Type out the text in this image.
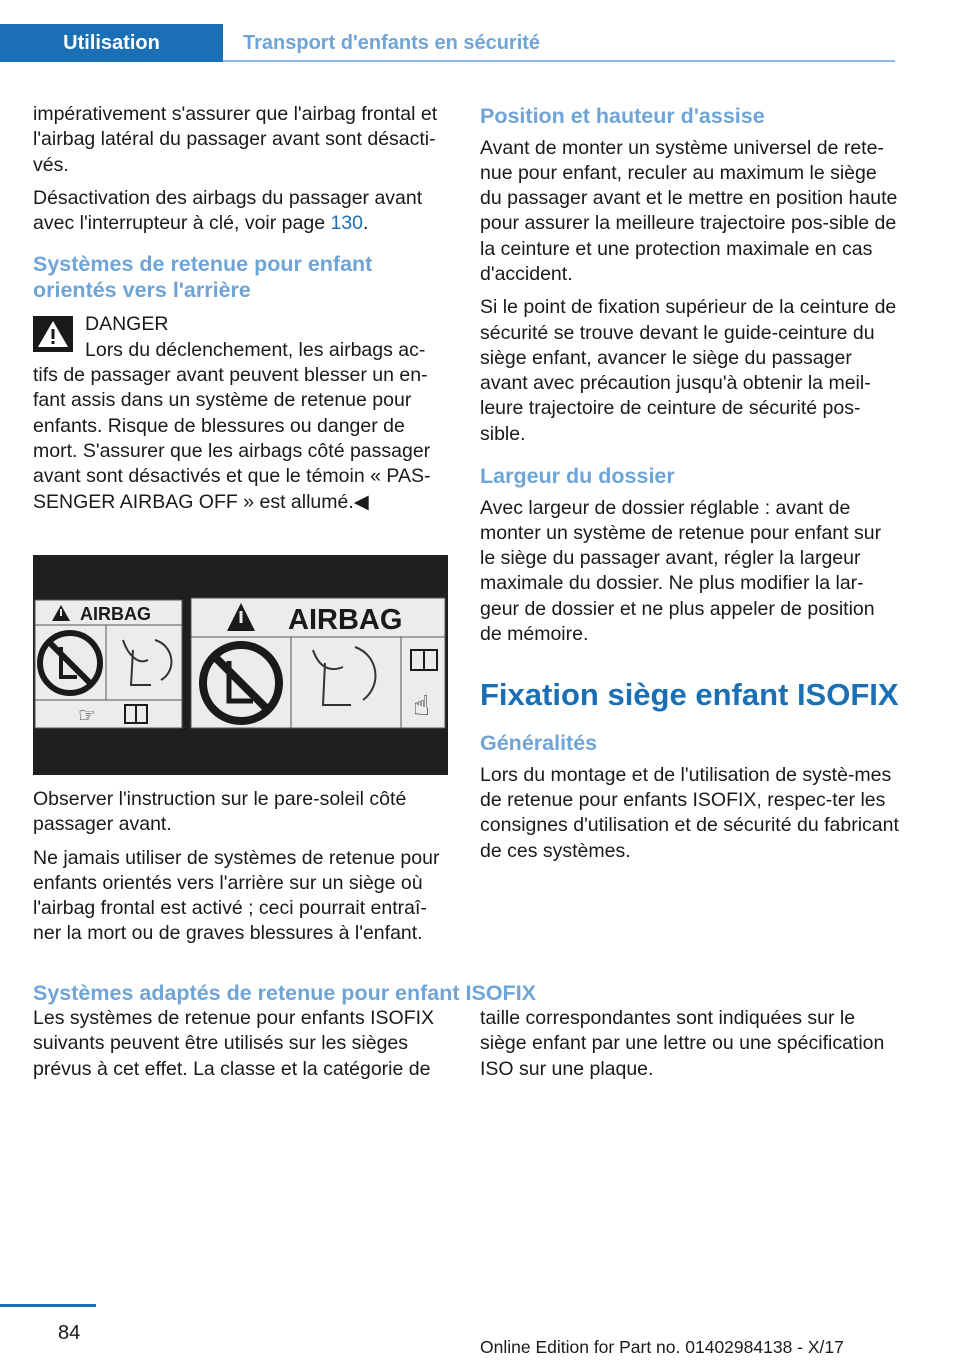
Utilisation	Transport d'enfants en sécurité

impérativement s'assurer que l'airbag frontal et l'airbag latéral du passager avant sont désacti‐vés.

Désactivation des airbags du passager avant avec l'interrupteur à clé, voir page 130.

Systèmes de retenue pour enfant orientés vers l'arrière
DANGER
Lors du déclenchement, les airbags ac‐
tifs de passager avant peuvent blesser un en‐fant assis dans un système de retenue pour enfants. Risque de blessures ou danger de mort. S'assurer que les airbags côté passager avant sont désactivés et que le témoin « PAS‐SENGER AIRBAG OFF » est allumé.◀
AIRBAG
☞
AIRBAG
☝

Observer l'instruction sur le pare-soleil côté passager avant.

Ne jamais utiliser de systèmes de retenue pour enfants orientés vers l'arrière sur un siège où l'airbag frontal est activé ; ceci pourrait entraî‐ner la mort ou de graves blessures à l'enfant.

Position et hauteur d'assise

Avant de monter un système universel de rete‐nue pour enfant, reculer au maximum le siège du passager avant et le mettre en position haute pour assurer la meilleure trajectoire pos‐sible de la ceinture et une protection maximale en cas d'accident.

Si le point de fixation supérieur de la ceinture de sécurité se trouve devant le guide-ceinture du siège enfant, avancer le siège du passager avant avec précaution jusqu'à obtenir la meil‐leure trajectoire de ceinture de sécurité pos‐sible.

Largeur du dossier

Avec largeur de dossier réglable : avant de monter un système de retenue pour enfant sur le siège du passager avant, régler la largeur maximale du dossier. Ne plus modifier la lar‐geur de dossier et ne plus appeler de position de mémoire.

Fixation siège enfant ISOFIX
Généralités

Lors du montage et de l'utilisation de systè‐mes de retenue pour enfants ISOFIX, respec‐ter les consignes d'utilisation et de sécurité du fabricant de ces systèmes.

Systèmes adaptés de retenue pour enfant ISOFIX
Les systèmes de retenue pour enfants ISOFIX suivants peuvent être utilisés sur les sièges prévus à cet effet. La classe et la catégorie de
taille correspondantes sont indiquées sur le siège enfant par une lettre ou une spécification ISO sur une plaque.
84
Online Edition for Part no. 01402984138 - X/17
